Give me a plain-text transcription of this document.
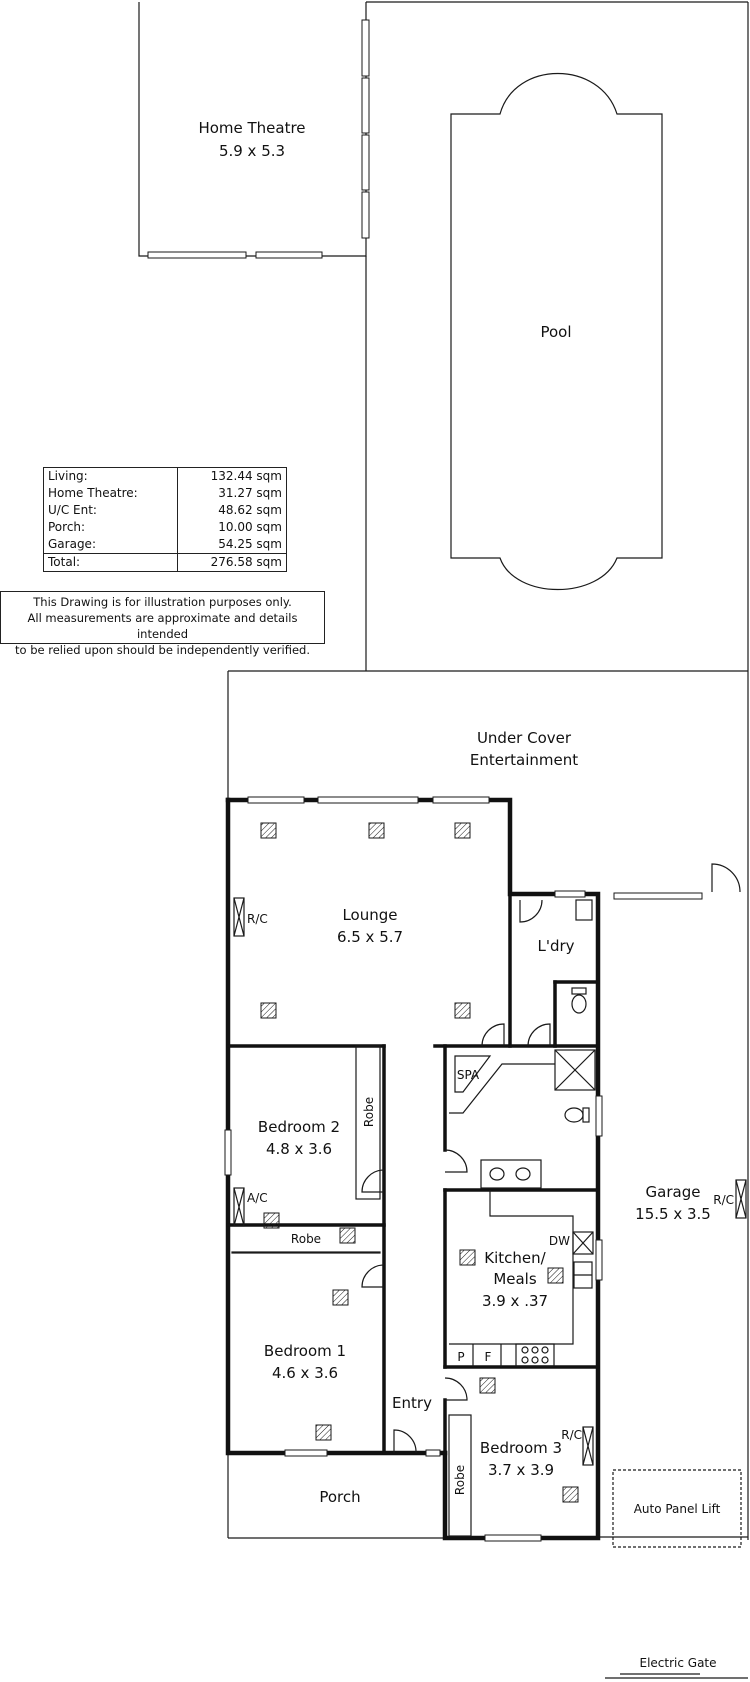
Home Theatre
5.9 x 5.3
Pool
Under Cover
Entertainment
Robe
Robe
Robe
SPA
P F
DW
R/C
A/C
R/C
R/C
Lounge
6.5 x 5.7	L'dry
Bedroom 2
4.8 x 3.6
Kitchen/
Meals
3.9 x .37
Bedroom 1
4.6 x 3.6
Entry
Bedroom 3
3.7 x 3.9
Porch
Garage
15.5 x 3.5
Auto Panel Lift
Electric Gate
Living:	132.44 sqm
Home Theatre:	31.27 sqm
U/C Ent:	48.62 sqm
Porch:	10.00 sqm
Garage:	54.25 sqm
Total:	276.58 sqm
This Drawing is for illustration purposes only.
All measurements are approximate and details intended
to be relied upon should be independently verified.
